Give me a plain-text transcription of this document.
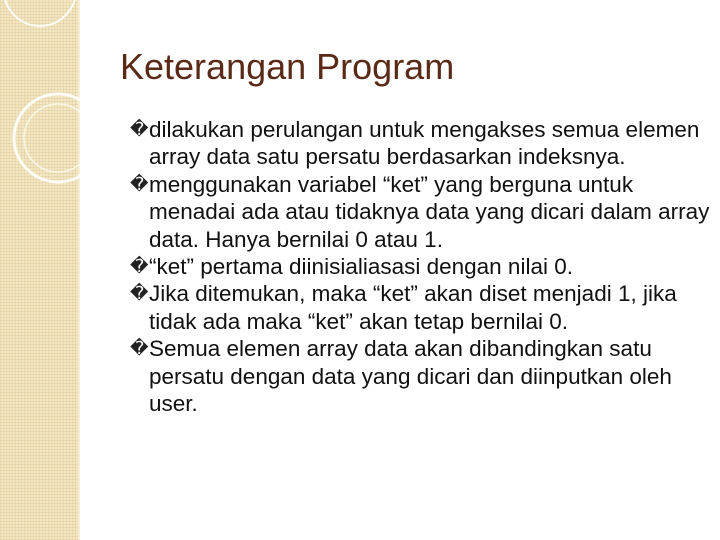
Keterangan Program
� dilakukan perulangan untuk mengakses semua elemen array data satu persatu berdasarkan indeksnya.
� menggunakan variabel “ket” yang berguna untuk menadai ada atau tidaknya data yang dicari dalam array data. Hanya bernilai 0 atau 1.
� “ket” pertama diinisialiasasi dengan nilai 0.
� Jika ditemukan, maka “ket” akan diset menjadi 1, jika tidak ada maka “ket” akan tetap bernilai 0.
� Semua elemen array data akan dibandingkan satu persatu dengan data yang dicari dan diinputkan oleh user.
